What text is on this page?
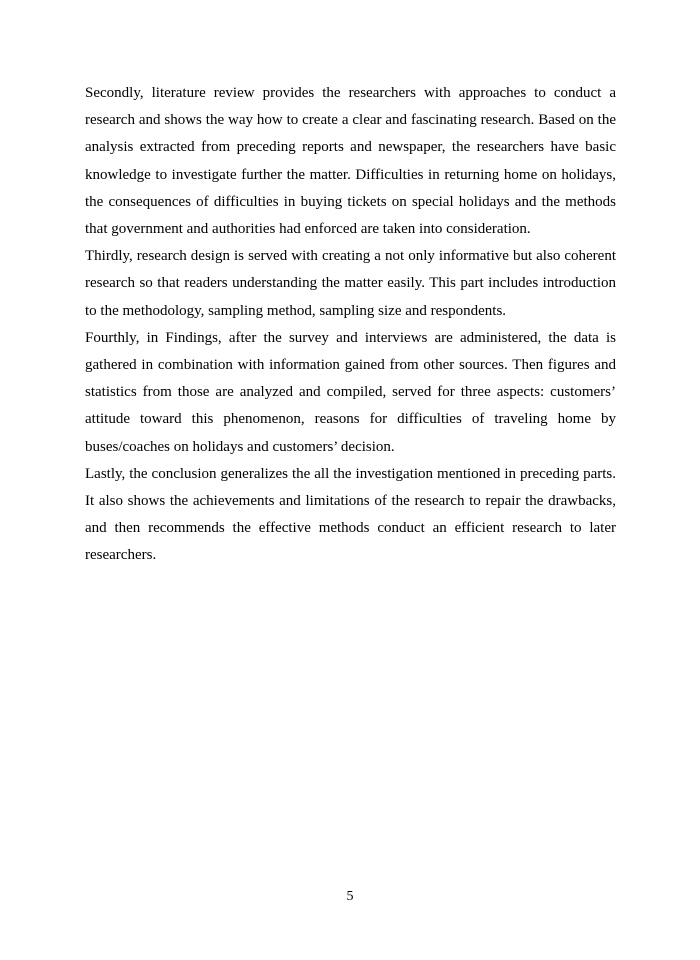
Secondly, literature review provides the researchers with approaches to conduct a research and shows the way how to create a clear and fascinating research. Based on the analysis extracted from preceding reports and newspaper, the researchers have basic knowledge to investigate further the matter. Difficulties in returning home on holidays, the consequences of difficulties in buying tickets on special holidays and the methods that government and authorities had enforced are taken into consideration.

Thirdly, research design is served with creating a not only informative but also coherent research so that readers understanding the matter easily. This part includes introduction to the methodology, sampling method, sampling size and respondents.

Fourthly, in Findings, after the survey and interviews are administered, the data is gathered in combination with information gained from other sources. Then figures and statistics from those are analyzed and compiled, served for three aspects: customers’ attitude toward this phenomenon, reasons for difficulties of traveling home by buses/coaches on holidays and customers’ decision.

Lastly, the conclusion generalizes the all the investigation mentioned in preceding parts. It also shows the achievements and limitations of the research to repair the drawbacks, and then recommends the effective methods conduct an efficient research to later researchers.

5
